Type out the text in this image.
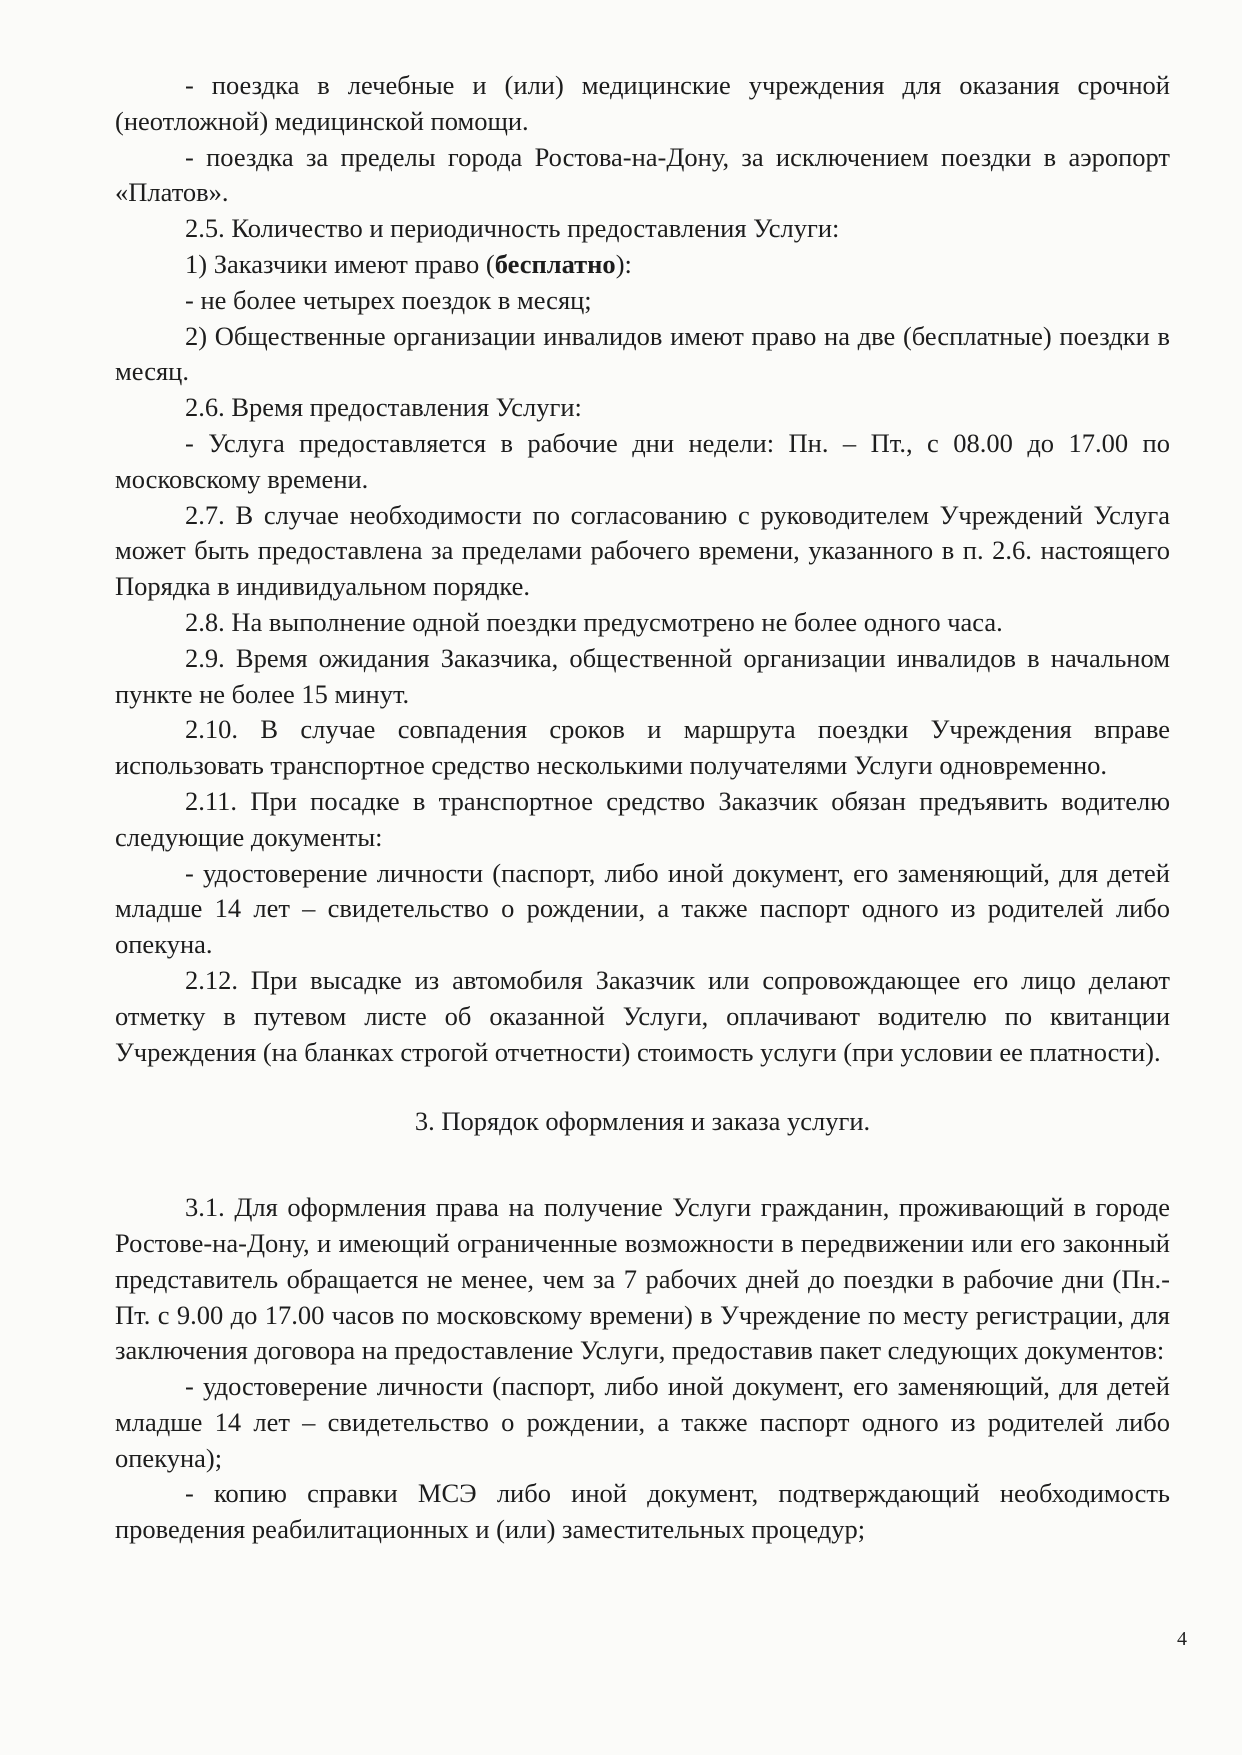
- поездка в лечебные и (или) медицинские учреждения для оказания срочной (неотложной) медицинской помощи.

- поездка за пределы города Ростова-на-Дону, за исключением поездки в аэропорт «Платов».

2.5. Количество и периодичность предоставления Услуги:

1) Заказчики имеют право (бесплатно):

- не более четырех поездок в месяц;

2) Общественные организации инвалидов имеют право на две (бесплатные) поездки в месяц.

2.6. Время предоставления Услуги:

- Услуга предоставляется в рабочие дни недели: Пн. – Пт., с 08.00 до 17.00 по московскому времени.

2.7. В случае необходимости по согласованию с руководителем Учреждений Услуга может быть предоставлена за пределами рабочего времени, указанного в п. 2.6. настоящего Порядка в индивидуальном порядке.

2.8. На выполнение одной поездки предусмотрено не более одного часа.

2.9. Время ожидания Заказчика, общественной организации инвалидов в начальном пункте не более 15 минут.

2.10. В случае совпадения сроков и маршрута поездки Учреждения вправе использовать транспортное средство несколькими получателями Услуги одновременно.

2.11. При посадке в транспортное средство Заказчик обязан предъявить водителю следующие документы:

- удостоверение личности (паспорт, либо иной документ, его заменяющий, для детей младше 14 лет – свидетельство о рождении, а также паспорт одного из родителей либо опекуна.

2.12. При высадке из автомобиля Заказчик или сопровождающее его лицо делают отметку в путевом листе об оказанной Услуги, оплачивают водителю по квитанции Учреждения (на бланках строгой отчетности) стоимость услуги (при условии ее платности).

3. Порядок оформления и заказа услуги.

3.1. Для оформления права на получение Услуги гражданин, проживающий в городе Ростове-на-Дону, и имеющий ограниченные возможности в передвижении или его законный представитель обращается не менее, чем за 7 рабочих дней до поездки в рабочие дни (Пн.-Пт. с 9.00 до 17.00 часов по московскому времени) в Учреждение по месту регистрации, для заключения договора на предоставление Услуги, предоставив пакет следующих документов:

- удостоверение личности (паспорт, либо иной документ, его заменяющий, для детей младше 14 лет – свидетельство о рождении, а также паспорт одного из родителей либо опекуна);

- копию справки МСЭ либо иной документ, подтверждающий необходимость проведения реабилитационных и (или) заместительных процедур;

4
